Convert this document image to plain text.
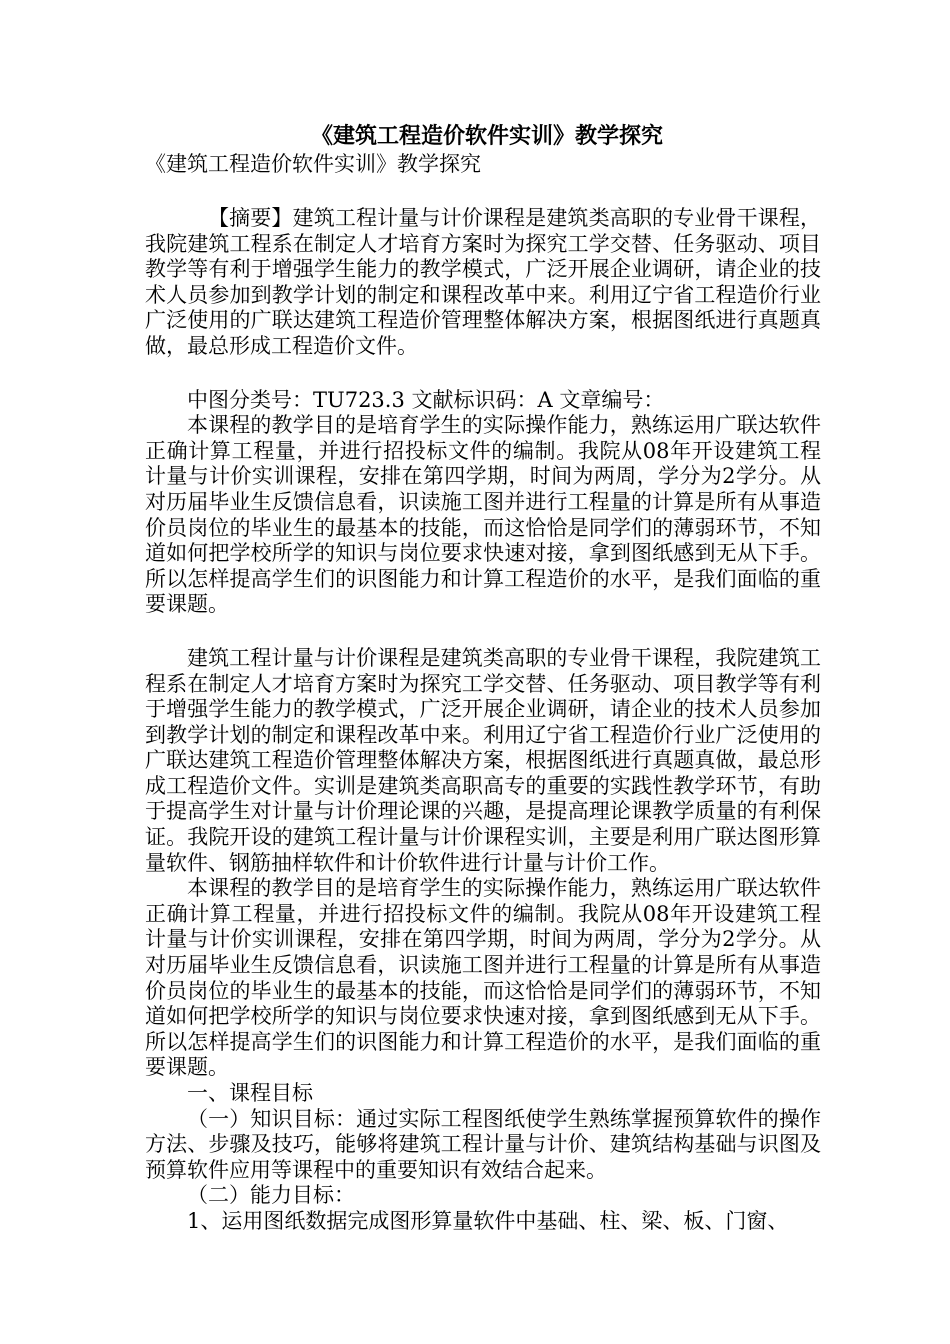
《建筑工程造价软件实训》教学探究

《建筑工程造价软件实训》教学探究

【摘要】建筑工程计量与计价课程是建筑类高职的专业骨干课程，我院建筑工程系在制定人才培育方案时为探究工学交替、任务驱动、项目教学等有利于增强学生能力的教学模式，广泛开展企业调研，请企业的技术人员参加到教学计划的制定和课程改革中来。利用辽宁省工程造价行业广泛使用的广联达建筑工程造价管理整体解决方案，根据图纸进行真题真做，最总形成工程造价文件。

中图分类号：TU723.3 文献标识码：A 文章编号：

本课程的教学目的是培育学生的实际操作能力，熟练运用广联达软件正确计算工程量，并进行招投标文件的编制。我院从08年开设建筑工程计量与计价实训课程，安排在第四学期，时间为两周，学分为2学分。从对历届毕业生反馈信息看，识读施工图并进行工程量的计算是所有从事造价员岗位的毕业生的最基本的技能，而这恰恰是同学们的薄弱环节，不知道如何把学校所学的知识与岗位要求快速对接，拿到图纸感到无从下手。所以怎样提高学生们的识图能力和计算工程造价的水平，是我们面临的重要课题。

建筑工程计量与计价课程是建筑类高职的专业骨干课程，我院建筑工程系在制定人才培育方案时为探究工学交替、任务驱动、项目教学等有利于增强学生能力的教学模式，广泛开展企业调研，请企业的技术人员参加到教学计划的制定和课程改革中来。利用辽宁省工程造价行业广泛使用的广联达建筑工程造价管理整体解决方案，根据图纸进行真题真做，最总形成工程造价文件。实训是建筑类高职高专的重要的实践性教学环节，有助于提高学生对计量与计价理论课的兴趣，是提高理论课教学质量的有利保证。我院开设的建筑工程计量与计价课程实训，主要是利用广联达图形算量软件、钢筋抽样软件和计价软件进行计量与计价工作。

本课程的教学目的是培育学生的实际操作能力，熟练运用广联达软件正确计算工程量，并进行招投标文件的编制。我院从08年开设建筑工程计量与计价实训课程，安排在第四学期，时间为两周，学分为2学分。从对历届毕业生反馈信息看，识读施工图并进行工程量的计算是所有从事造价员岗位的毕业生的最基本的技能，而这恰恰是同学们的薄弱环节，不知道如何把学校所学的知识与岗位要求快速对接，拿到图纸感到无从下手。所以怎样提高学生们的识图能力和计算工程造价的水平，是我们面临的重要课题。

一、课程目标

（一）知识目标：通过实际工程图纸使学生熟练掌握预算软件的操作方法、步骤及技巧，能够将建筑工程计量与计价、建筑结构基础与识图及预算软件应用等课程中的重要知识有效结合起来。

（二）能力目标：

1、运用图纸数据完成图形算量软件中基础、柱、梁、板、门窗、
